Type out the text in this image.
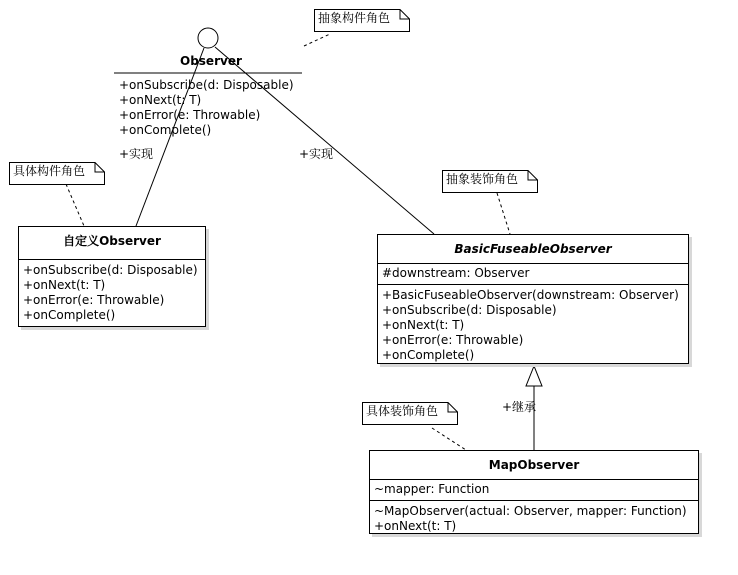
Observer
+onSubscribe(d: Disposable)
+onNext(t: T)
+onError(e: Throwable)
+onComplete()
+实现	+实现
+继承
抽象构件角色
具体构件角色
抽象装饰角色
具体装饰角色
自定义Observer
+onSubscribe(d: Disposable)
+onNext(t: T)
+onError(e: Throwable)
+onComplete()
BasicFuseableObserver
#downstream: Observer
+BasicFuseableObserver(downstream: Observer)
+onSubscribe(d: Disposable)
+onNext(t: T)
+onError(e: Throwable)
+onComplete()
MapObserver
~mapper: Function
~MapObserver(actual: Observer, mapper: Function)
+onNext(t: T)
